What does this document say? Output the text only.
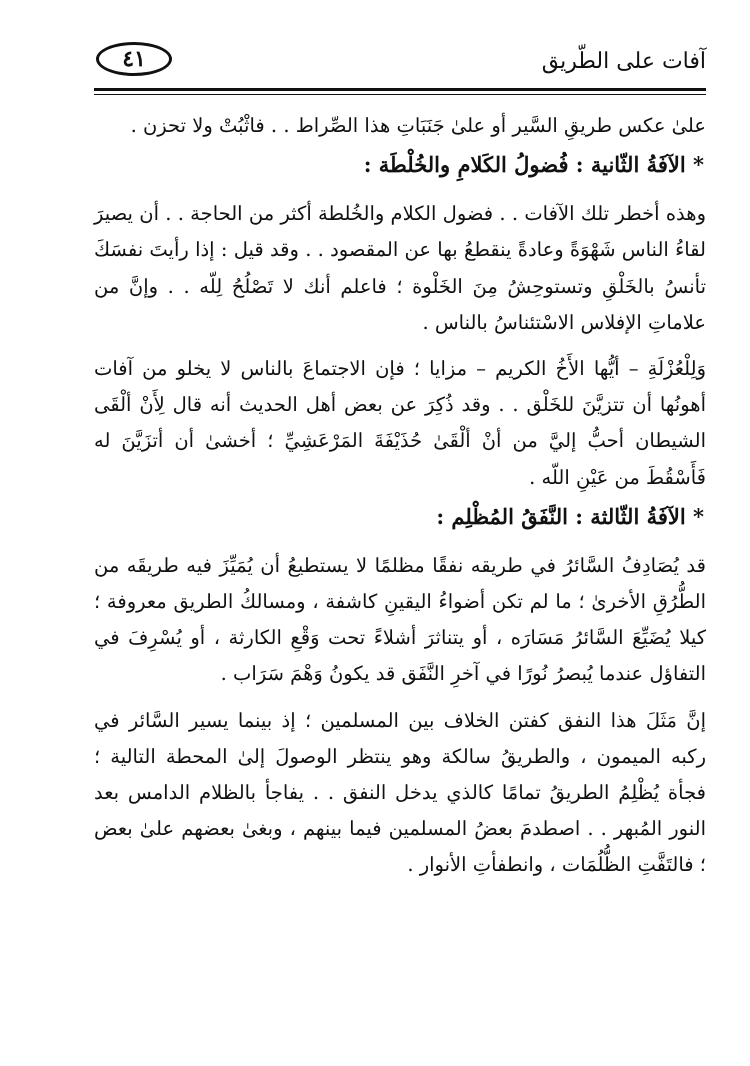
آفات على الطّريق
٤١

علىٰ عكس طريقِ السَّير أو علىٰ جَنَبَاتِ هذا الصِّراط . . فاثْبُتْ ولا تحزن .

* الآفَةُ الثّانية : فُضولُ الكَلامِ والخُلْطَة :

وهذه أخطر تلك الآفات . . فضول الكلام والخُلطة أكثر من الحاجة . . أن يصيرَ لقاءُ الناس شَهْوَةً وعادةً ينقطعُ بها عن المقصود . . وقد قيل : إذا رأيتَ نفسَكَ تأنسُ بالخَلْقِ وتستوحِشُ مِنَ الخَلْوة ؛ فاعلم أنك لا تَصْلُحُ لِلّه . . وإنَّ من علاماتِ الإفلاس الاسْتئناسُ بالناس .

وَلِلْعُزْلَةِ – أيُّها الأَخُ الكريم – مزايا ؛ فإن الاجتماعَ بالناس لا يخلو من آفات أهونُها أن تتزيَّنَ للخَلْق . . وقد ذُكِرَ عن بعض أهل الحديث أنه قال لِأَنْ ألْقَى الشيطان أحبُّ إليَّ من أنْ ألْقَىٰ حُذَيْفَةَ المَرْعَشِيِّ ؛ أخشىٰ أن أتزَيَّنَ له فَأَسْقُطَ من عَيْنِ اللّه .

* الآفَةُ الثّالثة : النَّفَقُ المُظْلِم :

قد يُصَادِفُ السَّائرُ في طريقه نفقًا مظلمًا لا يستطيعُ أن يُمَيِّزَ فيه طريقَه من الطُّرُقِ الأخرىٰ ؛ ما لم تكن أضواءُ اليقينِ كاشفة ، ومسالكُ الطريق معروفة ؛ كيلا يُضَيِّعَ السَّائرُ مَسَارَه ، أو يتناثرَ أشلاءً تحت وَقْعِ الكارثة ، أو يُسْرِفَ في التفاؤل عندما يُبصرُ نُورًا في آخرِ النَّفَق قد يكونُ وَهْمَ سَرَاب .

إنَّ مَثَلَ هذا النفق كفتن الخلاف بين المسلمين ؛ إذ بينما يسير السَّائر في ركبه الميمون ، والطريقُ سالكة وهو ينتظر الوصولَ إلىٰ المحطة التالية ؛ فجأة يُظْلِمُ الطريقُ تمامًا كالذي يدخل النفق . . يفاجأ بالظلام الدامس بعد النور المُبهر . . اصطدمَ بعضُ المسلمين فيما بينهم ، وبغىٰ بعضهم علىٰ بعض ؛ فالتَفَّتِ الظُّلُمَات ، وانطفأتِ الأنوار .
